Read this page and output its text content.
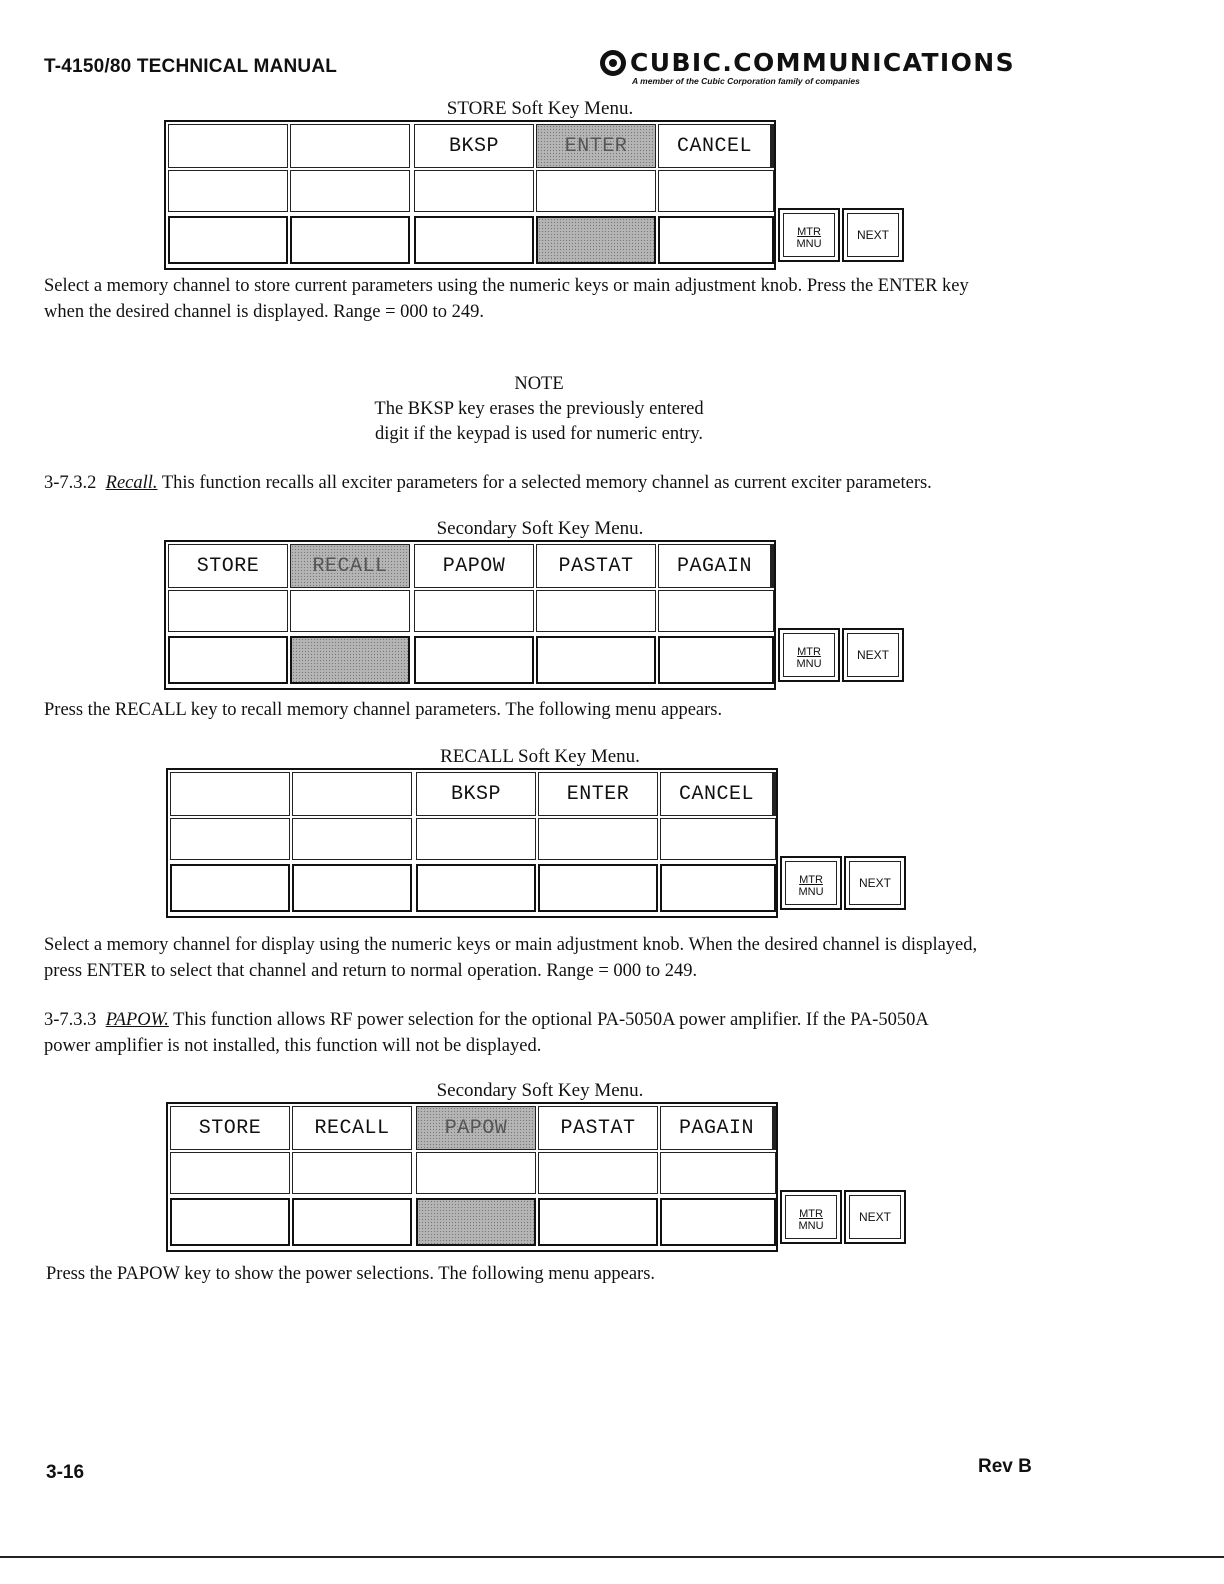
T-4150/80 TECHNICAL MANUAL	CUBIC.COMMUNICATIONS
A member of the Cubic Corporation family of companies
STORE Soft Key Menu.
BKSP	ENTER	CANCEL
MTR
MNU
NEXT
Select a memory channel to store current parameters using the numeric keys or main adjustment knob. Press the ENTER key
when the desired channel is displayed. Range = 000 to 249.
NOTE
The BKSP key erases the previously entered
digit if the keypad is used for numeric entry.
3-7.3.2 Recall. This function recalls all exciter parameters for a selected memory channel as current exciter parameters.
Secondary Soft Key Menu.
STORE	RECALL	PAPOW	PASTAT	PAGAIN
MTR
MNU
NEXT
Press the RECALL key to recall memory channel parameters. The following menu appears.
RECALL Soft Key Menu.
BKSP	ENTER	CANCEL
MTR
MNU
NEXT
Select a memory channel for display using the numeric keys or main adjustment knob. When the desired channel is displayed,
press ENTER to select that channel and return to normal operation. Range = 000 to 249.
3-7.3.3 PAPOW. This function allows RF power selection for the optional PA-5050A power amplifier. If the PA-5050A
power amplifier is not installed, this function will not be displayed.
Secondary Soft Key Menu.
STORE	RECALL	PAPOW	PASTAT	PAGAIN
MTR
MNU
NEXT
Press the PAPOW key to show the power selections. The following menu appears.
3-16	Rev B
